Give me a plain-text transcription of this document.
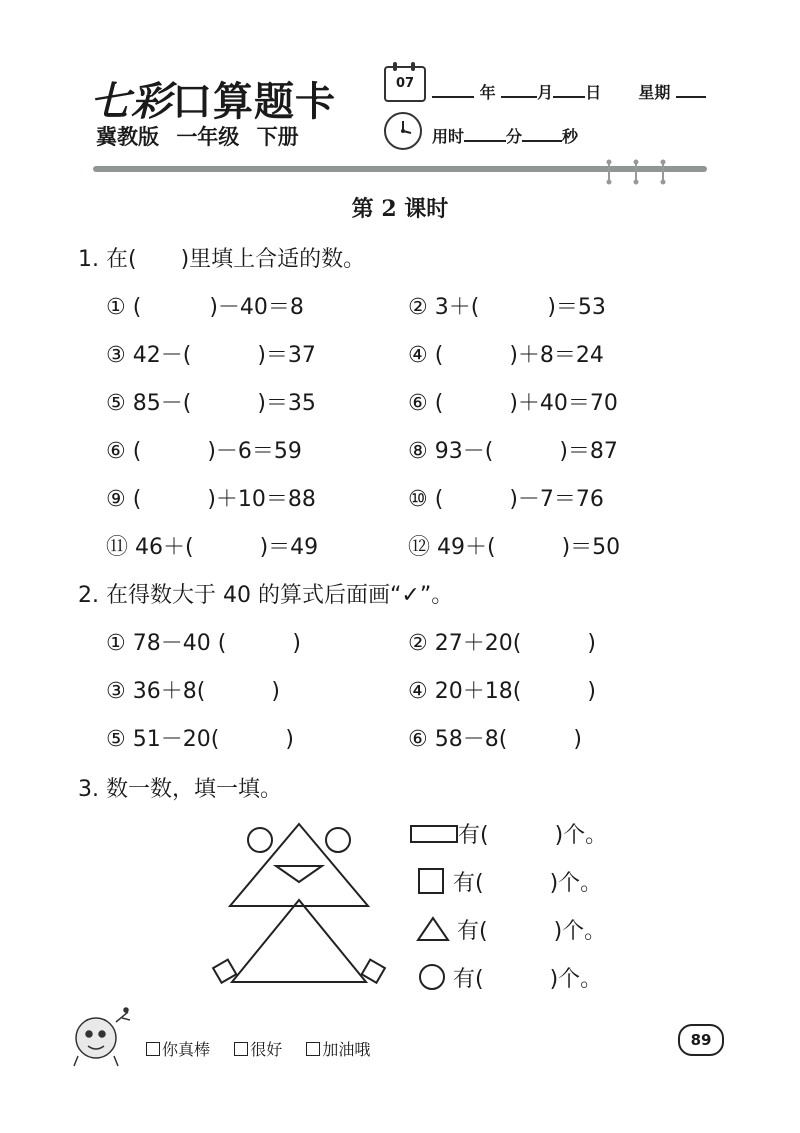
七彩口算题卡
冀教版 一年级 下册
07	年	月 日 星期
用时	分	秒
第 2 课时
1. 在(　　)里填上合适的数。
① (	)－40＝8	② 3＋(	)＝53
③ 42－(	)＝37	④ (	)＋8＝24
⑤ 85－(	)＝35	⑥ (	)＋40＝70
⑥ (	)－6＝59	⑧ 93－(	)＝87
⑨ (	)＋10＝88	⑩ (	)－7＝76
⑪ 46＋(	)＝49	⑫ 49＋(	)＝50
2. 在得数大于 40 的算式后面画“✓”。
① 78－40 (　　　)	② 27＋20(　　　)
③ 36＋8(　　　)	④ 20＋18(　　　)
⑤ 51－20(　　　)	⑥ 58－8(　　　)
3. 数一数，填一填。
有(　　　)个。
有(　　　)个。
有(　　　)个。
有(　　　)个。
你真棒	很好	加油哦	89
